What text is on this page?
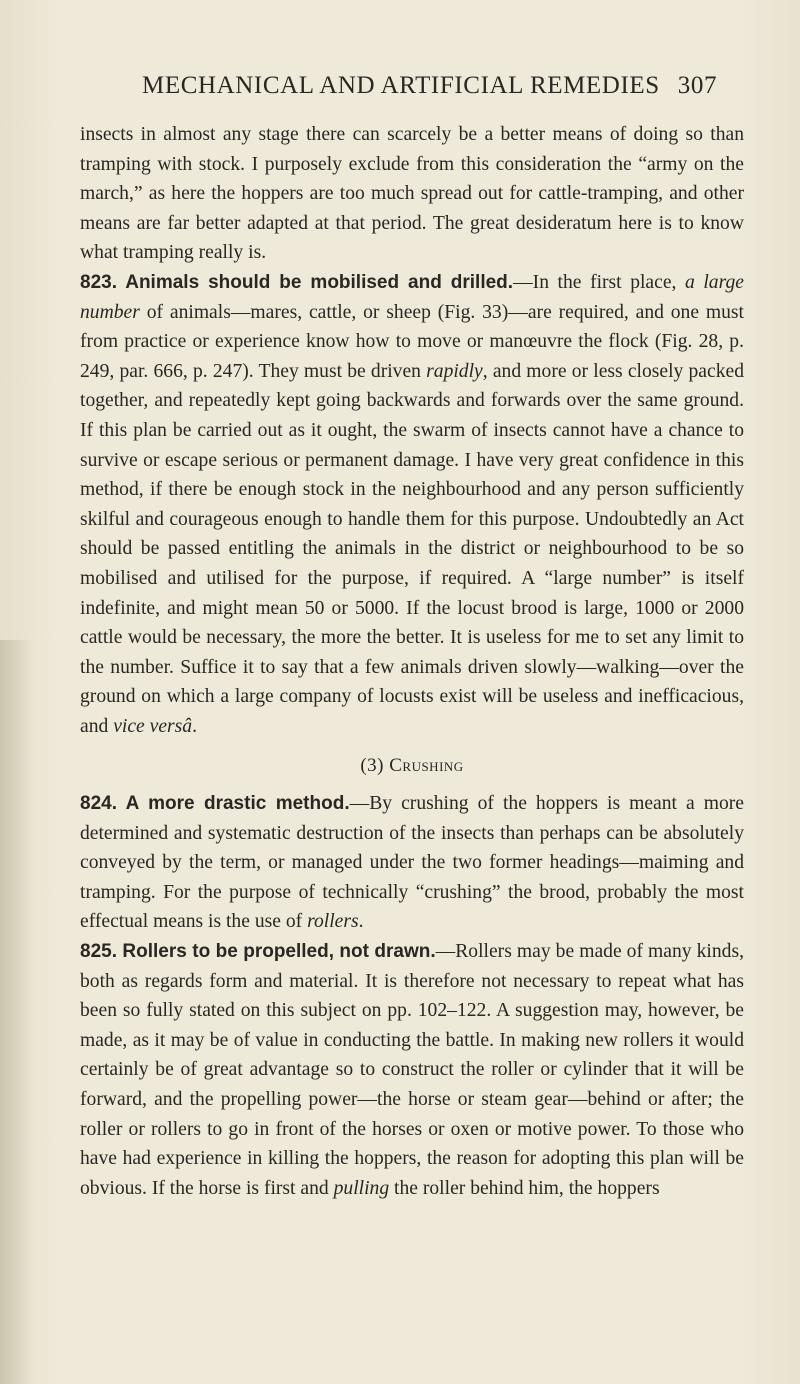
MECHANICAL AND ARTIFICIAL REMEDIES 307

insects in almost any stage there can scarcely be a better means of doing so than tramping with stock. I purposely exclude from this consideration the “army on the march,” as here the hoppers are too much spread out for cattle-tramping, and other means are far better adapted at that period. The great desideratum here is to know what tramping really is.

823. Animals should be mobilised and drilled.—In the first place, a large number of animals—mares, cattle, or sheep (Fig. 33)—are required, and one must from practice or experience know how to move or manœuvre the flock (Fig. 28, p. 249, par. 666, p. 247). They must be driven rapidly, and more or less closely packed together, and repeatedly kept going backwards and forwards over the same ground. If this plan be carried out as it ought, the swarm of insects cannot have a chance to survive or escape serious or permanent damage. I have very great confidence in this method, if there be enough stock in the neighbourhood and any person sufficiently skilful and courageous enough to handle them for this purpose. Undoubtedly an Act should be passed entitling the animals in the district or neighbourhood to be so mobilised and utilised for the purpose, if required. A “large number” is itself indefinite, and might mean 50 or 5000. If the locust brood is large, 1000 or 2000 cattle would be necessary, the more the better. It is useless for me to set any limit to the number. Suffice it to say that a few animals driven slowly—walking—over the ground on which a large company of locusts exist will be useless and inefficacious, and vice versâ.

(3) Crushing

824. A more drastic method.—By crushing of the hoppers is meant a more determined and systematic destruction of the insects than perhaps can be absolutely conveyed by the term, or managed under the two former headings—maiming and tramping. For the purpose of technically “crushing” the brood, probably the most effectual means is the use of rollers.

825. Rollers to be propelled, not drawn.—Rollers may be made of many kinds, both as regards form and material. It is therefore not necessary to repeat what has been so fully stated on this subject on pp. 102–122. A suggestion may, however, be made, as it may be of value in conducting the battle. In making new rollers it would certainly be of great advantage so to construct the roller or cylinder that it will be forward, and the propelling power—the horse or steam gear—behind or after; the roller or rollers to go in front of the horses or oxen or motive power. To those who have had experience in killing the hoppers, the reason for adopting this plan will be obvious. If the horse is first and pulling the roller behind him, the hoppers
